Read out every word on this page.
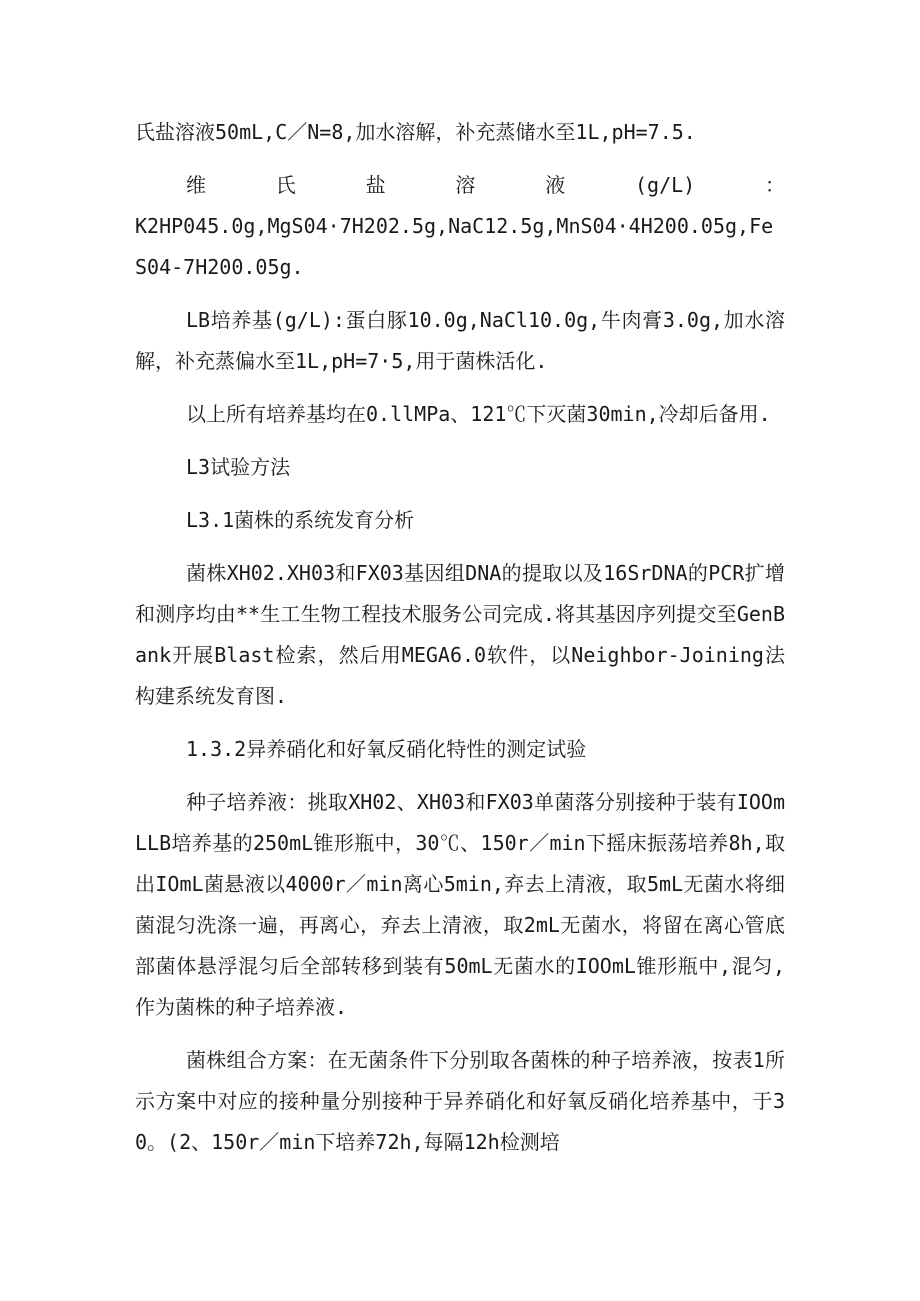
氏盐溶液50mL,C／N=8,加水溶解，补充蒸储水至1L,pH=7.5.

维	氏	盐	溶	液	(g/L)	：
K2HP045.0g,MgS04·7H202.5g,NaC12.5g,MnS04·4H200.05g,FeS04-7H200.05g.

LB培养基(g/L):蛋白豚10.0g,NaCl10.0g,牛肉膏3.0g,加水溶解，补充蒸偏水至1L,pH=7·5,用于菌株活化.

以上所有培养基均在0.llMPa、121℃下灭菌30min,冷却后备用.

L3试验方法

L3.1菌株的系统发育分析

菌株XH02.XH03和FX03基因组DNA的提取以及16SrDNA的PCR扩增和测序均由**生工生物工程技术服务公司完成.将其基因序列提交至GenBank开展Blast检索，然后用MEGA6.0软件，以Neighbor-Joining法构建系统发育图.

1.3.2异养硝化和好氧反硝化特性的测定试验

种子培养液：挑取XH02、XH03和FX03单菌落分别接种于装有IOOmLLB培养基的250mL锥形瓶中，30℃、150r／min下摇床振荡培养8h,取出IOmL菌悬液以4000r／min离心5min,弃去上清液，取5mL无菌水将细菌混匀洗涤一遍，再离心，弃去上清液，取2mL无菌水，将留在离心管底部菌体悬浮混匀后全部转移到装有50mL无菌水的IOOmL锥形瓶中,混匀,作为菌株的种子培养液.

菌株组合方案：在无菌条件下分别取各菌株的种子培养液，按表1所示方案中对应的接种量分别接种于异养硝化和好氧反硝化培养基中，于30。(2、150r／min下培养72h,每隔12h检测培
